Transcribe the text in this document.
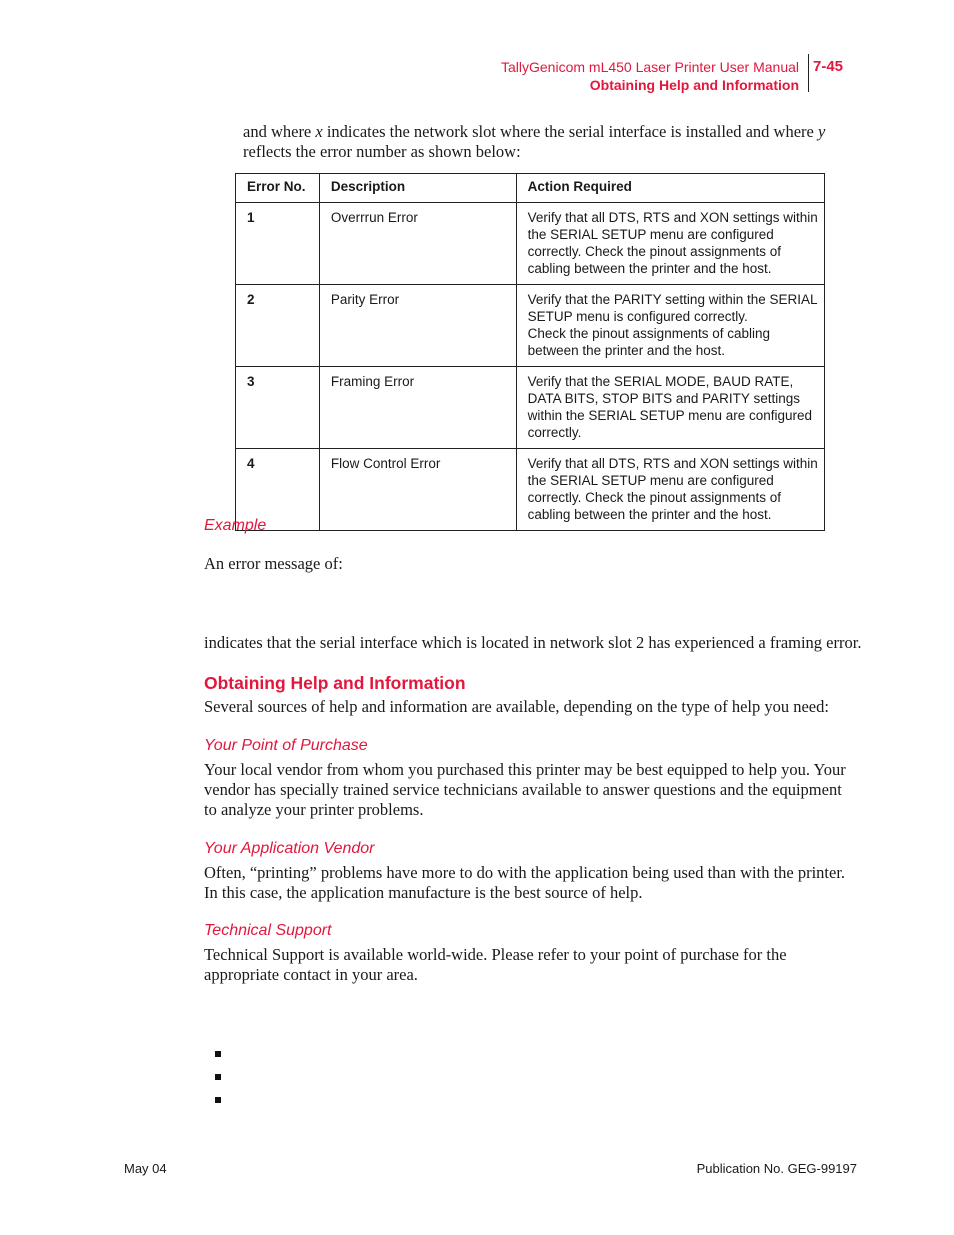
TallyGenicom mL450 Laser Printer User Manual
Obtaining Help and Information
7-45
and where x indicates the network slot where the serial interface is installed and where y
reflects the error number as shown below:
Error No.	Description	Action Required
1	Overrrun Error	Verify that all DTS, RTS and XON settings within the SERIAL SETUP menu are configured correctly. Check the pinout assignments of cabling between the printer and the host.
2	Parity Error	Verify that the PARITY setting within the SERIAL SETUP menu is configured correctly.
Check the pinout assignments of cabling between the printer and the host.
3	Framing Error	Verify that the SERIAL MODE, BAUD RATE, DATA BITS, STOP BITS and PARITY settings within the SERIAL SETUP menu are configured correctly.
4	Flow Control Error	Verify that all DTS, RTS and XON settings within the SERIAL SETUP menu are configured correctly. Check the pinout assignments of cabling between the printer and the host.
Example
An error message of:
indicates that the serial interface which is located in network slot 2 has experienced a framing error.
Obtaining Help and Information
Several sources of help and information are available, depending on the type of help you need:
Your Point of Purchase
Your local vendor from whom you purchased this printer may be best equipped to help you. Your vendor has specially trained service technicians available to answer questions and the equipment to analyze your printer problems.
Your Application Vendor
Often, “printing” problems have more to do with the application being used than with the printer. In this case, the application manufacture is the best source of help.
Technical Support
Technical Support is available world-wide. Please refer to your point of purchase for the appropriate contact in your area.
May 04	Publication No. GEG-99197
